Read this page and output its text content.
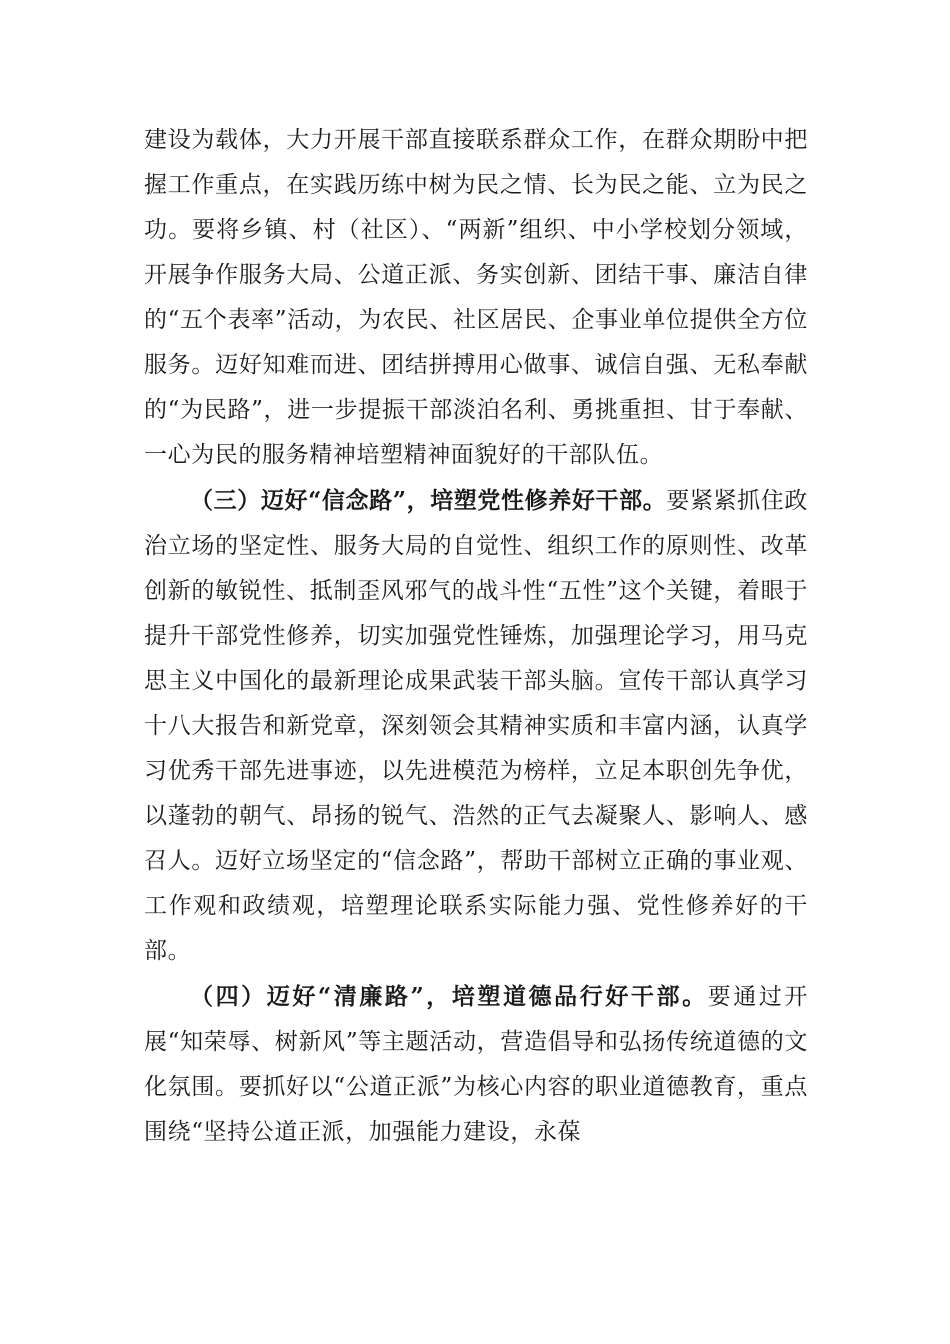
建设为载体，大力开展干部直接联系群众工作，在群众期盼中把握工作重点，在实践历练中树为民之情、长为民之能、立为民之功。要将乡镇、村（社区）、“两新”组织、中小学校划分领域，开展争作服务大局、公道正派、务实创新、团结干事、廉洁自律的“五个表率”活动，为农民、社区居民、企事业单位提供全方位服务。迈好知难而进、团结拼搏用心做事、诚信自强、无私奉献的“为民路”，进一步提振干部淡泊名利、勇挑重担、甘于奉献、一心为民的服务精神培塑精神面貌好的干部队伍。

（三）迈好“信念路”，培塑党性修养好干部。要紧紧抓住政治立场的坚定性、服务大局的自觉性、组织工作的原则性、改革创新的敏锐性、抵制歪风邪气的战斗性“五性”这个关键，着眼于提升干部党性修养，切实加强党性锤炼，加强理论学习，用马克思主义中国化的最新理论成果武装干部头脑。宣传干部认真学习十八大报告和新党章，深刻领会其精神实质和丰富内涵，认真学习优秀干部先进事迹，以先进模范为榜样，立足本职创先争优，以蓬勃的朝气、昂扬的锐气、浩然的正气去凝聚人、影响人、感召人。迈好立场坚定的“信念路”，帮助干部树立正确的事业观、工作观和政绩观，培塑理论联系实际能力强、党性修养好的干部。

（四）迈好“清廉路”，培塑道德品行好干部。要通过开展“知荣辱、树新风”等主题活动，营造倡导和弘扬传统道德的文化氛围。要抓好以“公道正派”为核心内容的职业道德教育，重点围绕“坚持公道正派，加强能力建设，永葆
